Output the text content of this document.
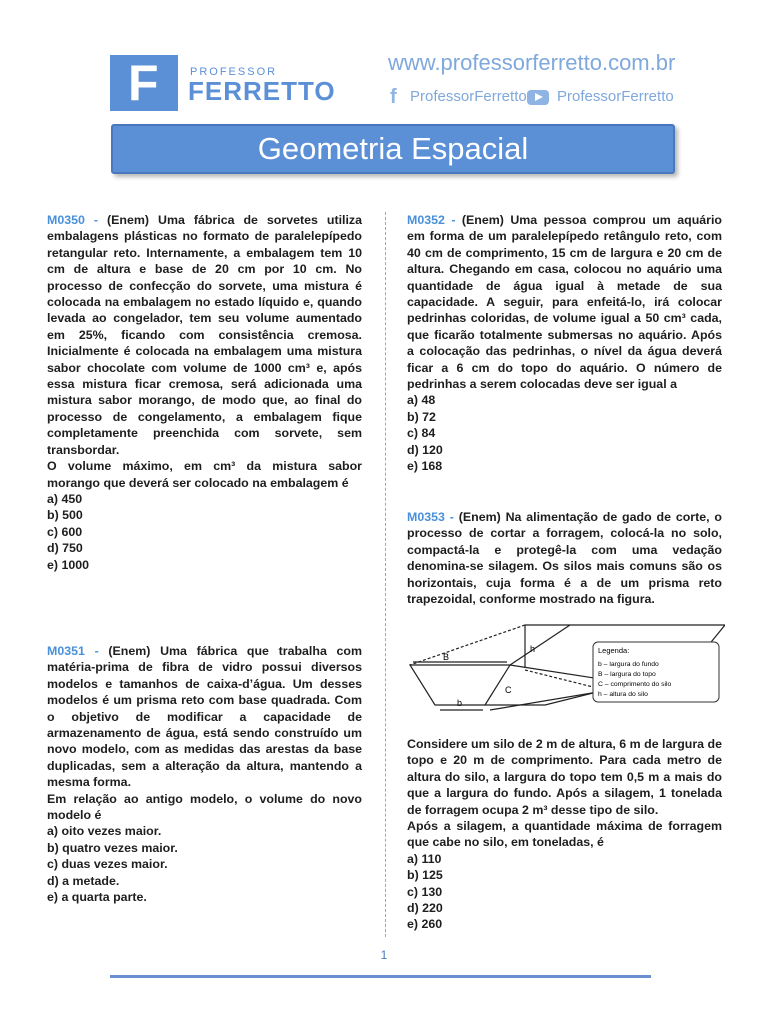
F	PROFESSOR
FERRETTO
www.professorferretto.com.br
f ProfessorFerretto ProfessorFerretto
Geometria Espacial

M0350 - (Enem) Uma fábrica de sorvetes utiliza embalagens plásticas no formato de paralelepípedo retangular reto. Internamente, a embalagem tem 10 cm de altura e base de 20 cm por 10 cm. No processo de confecção do sorvete, uma mistura é colocada na embalagem no estado líquido e, quando levada ao congelador, tem seu volume aumentado em 25%, ficando com consistência cremosa. Inicialmente é colocada na embalagem uma mistura sabor chocolate com volume de 1000 cm³ e, após essa mistura ficar cremosa, será adicionada uma mistura sabor morango, de modo que, ao final do processo de congelamento, a embalagem fique completamente preenchida com sorvete, sem transbordar.

O volume máximo, em cm³ da mistura sabor morango que deverá ser colocado na embalagem é

a) 450

b) 500

c) 600

d) 750

e) 1000

M0351 - (Enem) Uma fábrica que trabalha com matéria-prima de fibra de vidro possui diversos modelos e tamanhos de caixa-d’água. Um desses modelos é um prisma reto com base quadrada. Com o objetivo de modificar a capacidade de armazenamento de água, está sendo construído um novo modelo, com as medidas das arestas da base duplicadas, sem a alteração da altura, mantendo a mesma forma.

Em relação ao antigo modelo, o volume do novo modelo é

a) oito vezes maior.

b) quatro vezes maior.

c) duas vezes maior.

d) a metade.

e) a quarta parte.

M0352 - (Enem) Uma pessoa comprou um aquário em forma de um paralelepípedo retângulo reto, com 40 cm de comprimento, 15 cm de largura e 20 cm de altura. Chegando em casa, colocou no aquário uma quantidade de água igual à metade de sua capacidade. A seguir, para enfeitá-lo, irá colocar pedrinhas coloridas, de volume igual a 50 cm³ cada, que ficarão totalmente submersas no aquário. Após a colocação das pedrinhas, o nível da água deverá ficar a 6 cm do topo do aquário. O número de pedrinhas a serem colocadas deve ser igual a

a) 48

b) 72

c) 84

d) 120

e) 168

M0353 - (Enem) Na alimentação de gado de corte, o processo de cortar a forragem, colocá-la no solo, compactá-la e protegê-la com uma vedação denomina-se silagem. Os silos mais comuns são os horizontais, cuja forma é a de um prisma reto trapezoidal, conforme mostrado na figura.

B
b
h
C
Legenda:
b – largura do fundo
B – largura do topo
C – comprimento do silo
h – altura do silo

Considere um silo de 2 m de altura, 6 m de largura de topo e 20 m de comprimento. Para cada metro de altura do silo, a largura do topo tem 0,5 m a mais do que a largura do fundo. Após a silagem, 1 tonelada de forragem ocupa 2 m³ desse tipo de silo.

Após a silagem, a quantidade máxima de forragem que cabe no silo, em toneladas, é

a) 110

b) 125

c) 130

d) 220

e) 260

1
